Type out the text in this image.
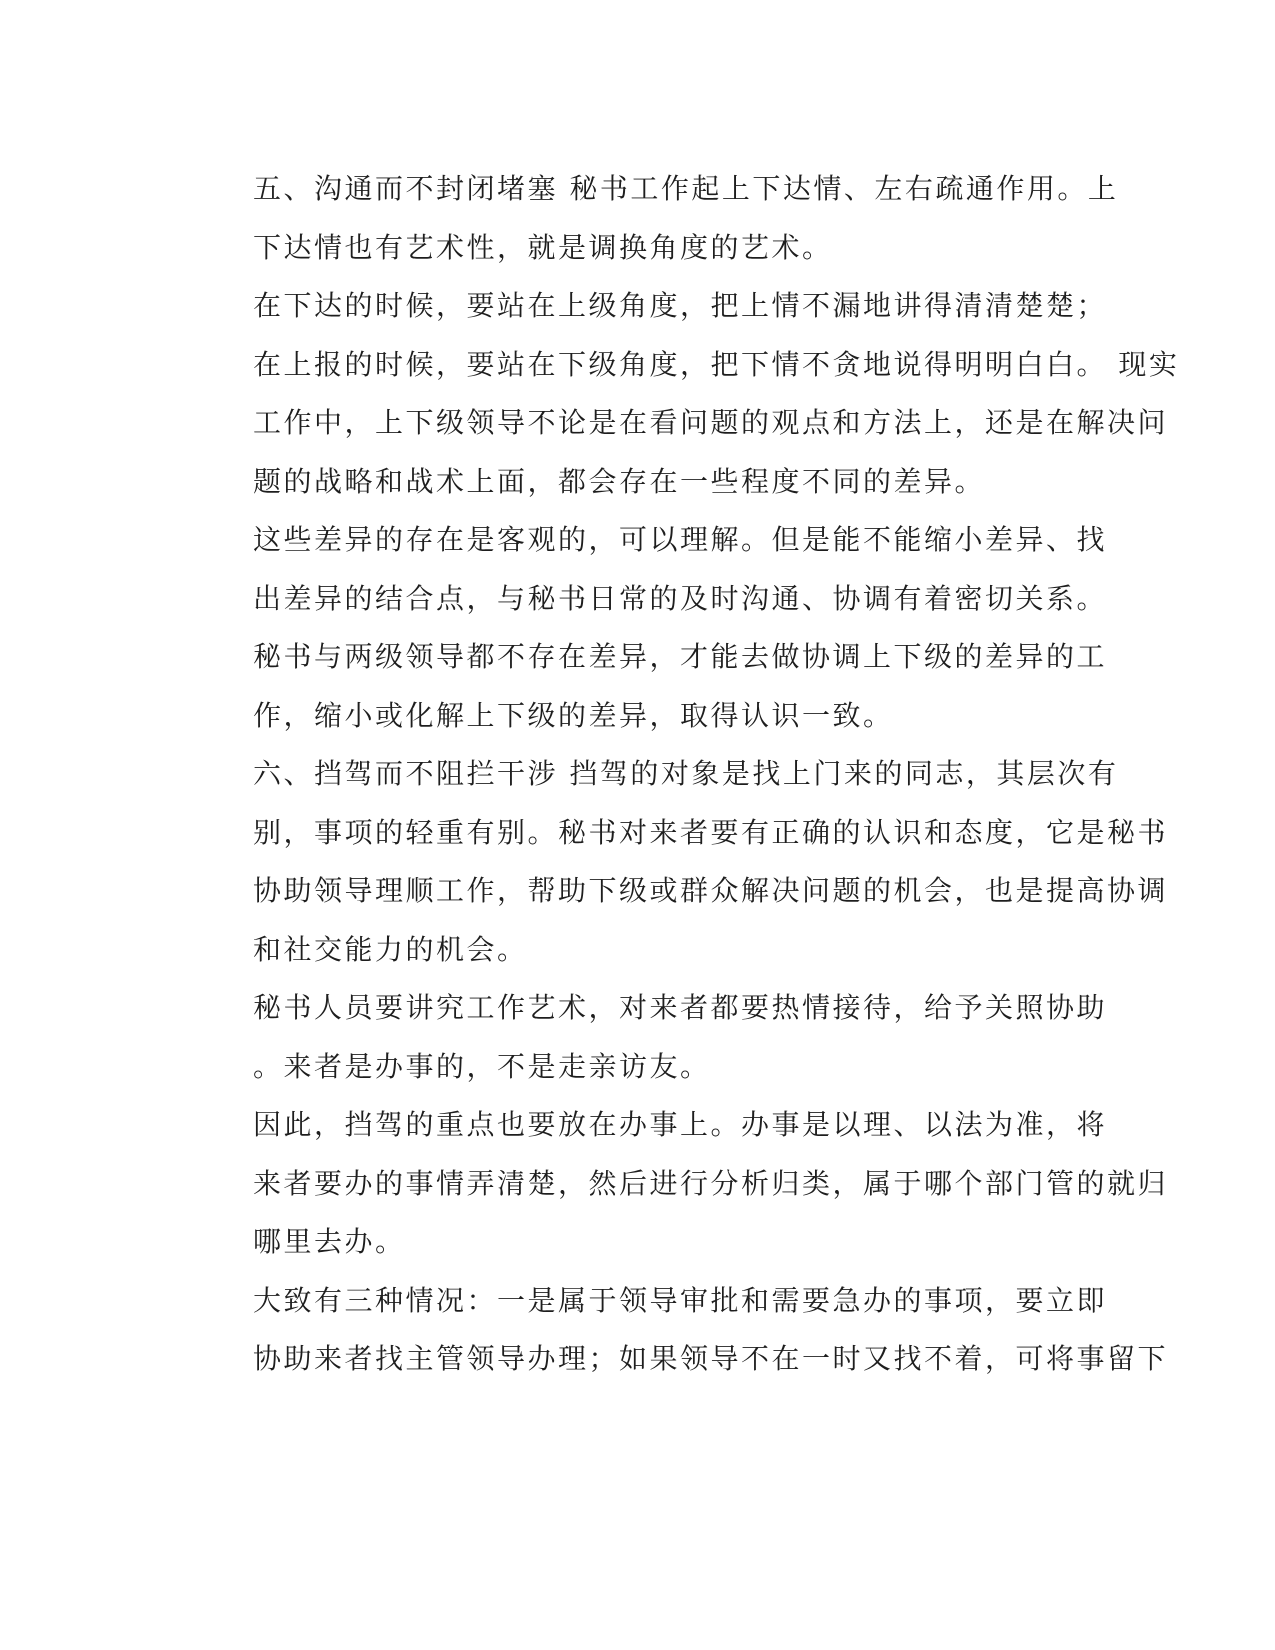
五、沟通而不封闭堵塞 秘书工作起上下达情、左右疏通作用。上
下达情也有艺术性，就是调换角度的艺术。

在下达的时候，要站在上级角度，把上情不漏地讲得清清楚楚；
在上报的时候，要站在下级角度，把下情不贪地说得明明白白。 现实
工作中，上下级领导不论是在看问题的观点和方法上，还是在解决问
题的战略和战术上面，都会存在一些程度不同的差异。

这些差异的存在是客观的，可以理解。但是能不能缩小差异、找
出差异的结合点，与秘书日常的及时沟通、协调有着密切关系。

秘书与两级领导都不存在差异，才能去做协调上下级的差异的工
作，缩小或化解上下级的差异，取得认识一致。

六、挡驾而不阻拦干涉 挡驾的对象是找上门来的同志，其层次有
别，事项的轻重有别。秘书对来者要有正确的认识和态度，它是秘书
协助领导理顺工作，帮助下级或群众解决问题的机会，也是提高协调
和社交能力的机会。

秘书人员要讲究工作艺术，对来者都要热情接待，给予关照协助
。来者是办事的，不是走亲访友。

因此，挡驾的重点也要放在办事上。办事是以理、以法为准，将
来者要办的事情弄清楚，然后进行分析归类，属于哪个部门管的就归
哪里去办。

大致有三种情况：一是属于领导审批和需要急办的事项，要立即
协助来者找主管领导办理；如果领导不在一时又找不着，可将事留下
